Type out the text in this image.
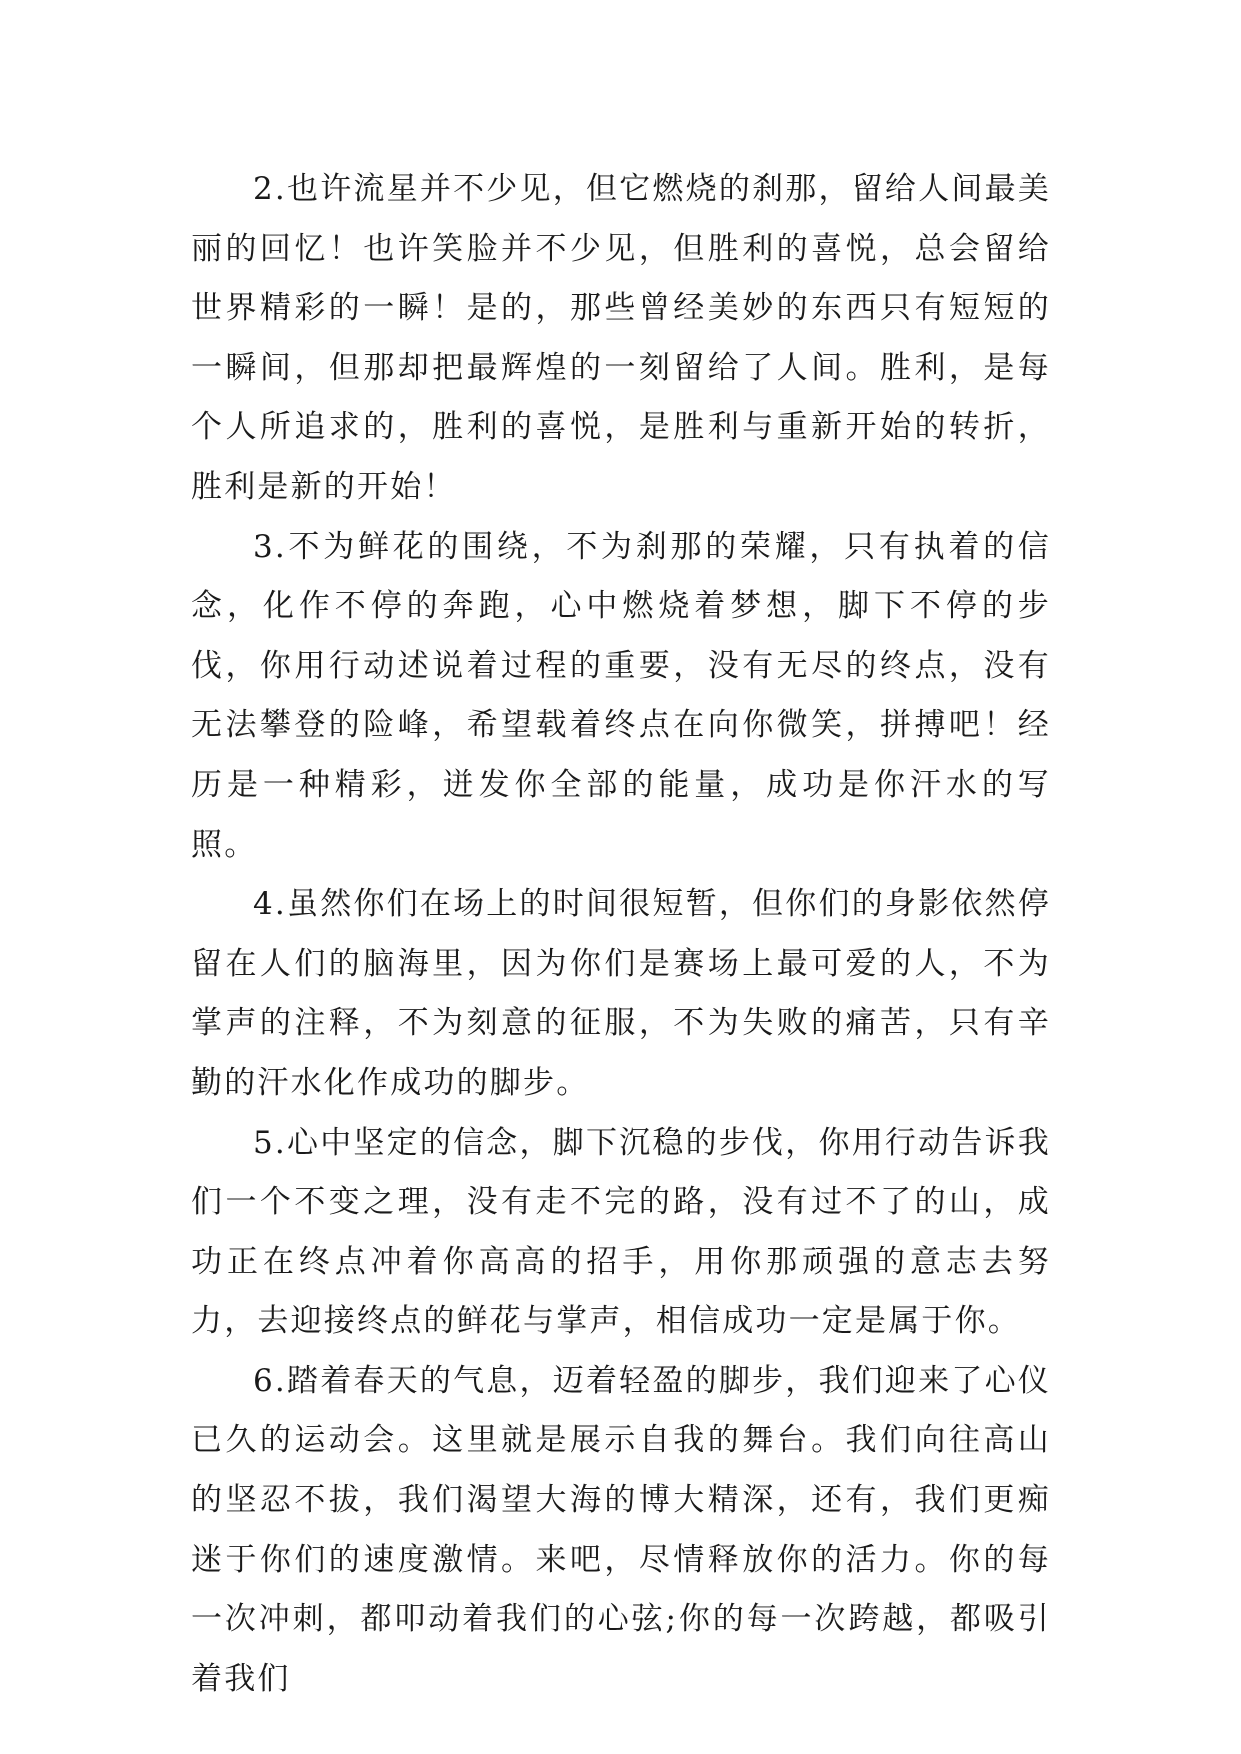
2.也许流星并不少见，但它燃烧的刹那，留给人间最美丽的回忆！也许笑脸并不少见，但胜利的喜悦，总会留给世界精彩的一瞬！是的，那些曾经美妙的东西只有短短的一瞬间，但那却把最辉煌的一刻留给了人间。胜利，是每个人所追求的，胜利的喜悦，是胜利与重新开始的转折，胜利是新的开始！

3.不为鲜花的围绕，不为刹那的荣耀，只有执着的信念，化作不停的奔跑，心中燃烧着梦想，脚下不停的步伐，你用行动述说着过程的重要，没有无尽的终点，没有无法攀登的险峰，希望载着终点在向你微笑，拼搏吧！经历是一种精彩，迸发你全部的能量，成功是你汗水的写照。

4.虽然你们在场上的时间很短暂，但你们的身影依然停留在人们的脑海里，因为你们是赛场上最可爱的人，不为掌声的注释，不为刻意的征服，不为失败的痛苦，只有辛勤的汗水化作成功的脚步。

5.心中坚定的信念，脚下沉稳的步伐，你用行动告诉我们一个不变之理，没有走不完的路，没有过不了的山，成功正在终点冲着你高高的招手，用你那顽强的意志去努力，去迎接终点的鲜花与掌声，相信成功一定是属于你。

6.踏着春天的气息，迈着轻盈的脚步，我们迎来了心仪已久的运动会。这里就是展示自我的舞台。我们向往高山的坚忍不拔，我们渴望大海的博大精深，还有，我们更痴迷于你们的速度激情。来吧，尽情释放你的活力。你的每一次冲刺，都叩动着我们的心弦;你的每一次跨越，都吸引着我们
